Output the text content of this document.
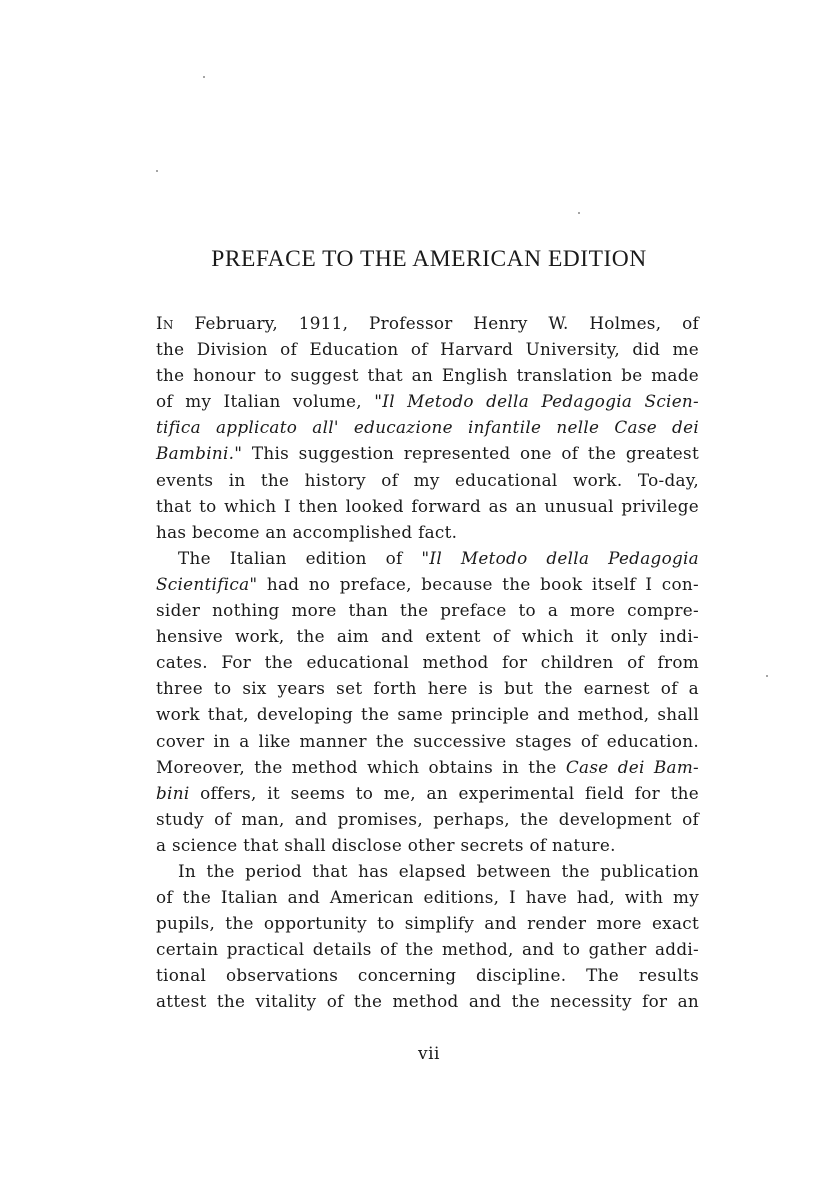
PREFACE TO THE AMERICAN EDITION
In February, 1911, Professor Henry W. Holmes, of
the Division of Education of Harvard University, did me
the honour to suggest that an English translation be made
of my Italian volume, "Il Metodo della Pedagogia Scien-
tifica applicato all' educazione infantile nelle Case dei
Bambini." This suggestion represented one of the greatest
events in the history of my educational work. To-day,
that to which I then looked forward as an unusual privilege
has become an accomplished fact.
The Italian edition of "Il Metodo della Pedagogia
Scientifica" had no preface, because the book itself I con-
sider nothing more than the preface to a more compre-
hensive work, the aim and extent of which it only indi-
cates. For the educational method for children of from
three to six years set forth here is but the earnest of a
work that, developing the same principle and method, shall
cover in a like manner the successive stages of education.
Moreover, the method which obtains in the Case dei Bam-
bini offers, it seems to me, an experimental field for the
study of man, and promises, perhaps, the development of
a science that shall disclose other secrets of nature.
In the period that has elapsed between the publication
of the Italian and American editions, I have had, with my
pupils, the opportunity to simplify and render more exact
certain practical details of the method, and to gather addi-
tional observations concerning discipline. The results
attest the vitality of the method and the necessity for an
vii
